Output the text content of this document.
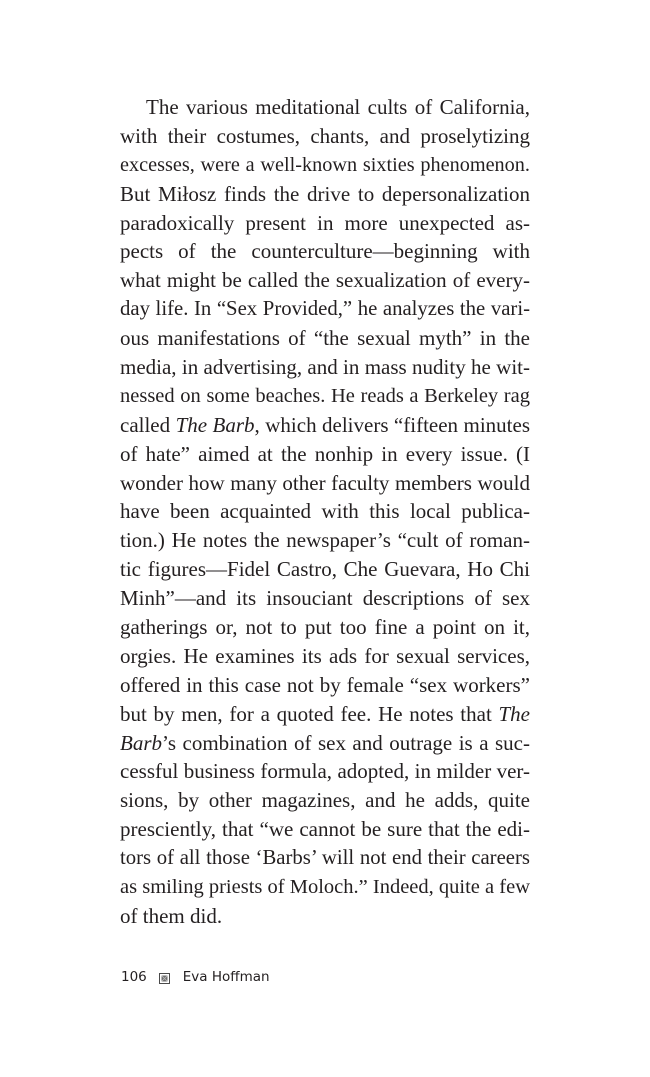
The various meditational cults of California,
with their costumes, chants, and proselytizing
excesses, were a well-known sixties phenomenon.
But Miłosz finds the drive to depersonalization
paradoxically present in more unexpected as-
pects of the counterculture—beginning with
what might be called the sexualization of every-
day life. In “Sex Provided,” he analyzes the vari-
ous manifestations of “the sexual myth” in the
media, in advertising, and in mass nudity he wit-
nessed on some beaches. He reads a Berkeley rag
called The Barb, which delivers “fifteen minutes
of hate” aimed at the nonhip in every issue. (I
wonder how many other faculty members would
have been acquainted with this local publica-
tion.) He notes the newspaper’s “cult of roman-
tic figures—Fidel Castro, Che Guevara, Ho Chi
Minh”—and its insouciant descriptions of sex
gatherings or, not to put too fine a point on it,
orgies. He examines its ads for sexual services,
offered in this case not by female “sex workers”
but by men, for a quoted fee. He notes that The
Barb’s combination of sex and outrage is a suc-
cessful business formula, adopted, in milder ver-
sions, by other magazines, and he adds, quite
presciently, that “we cannot be sure that the edi-
tors of all those ‘Barbs’ will not end their careers
as smiling priests of Moloch.” Indeed, quite a few
of them did.
106	Eva Hoffman
